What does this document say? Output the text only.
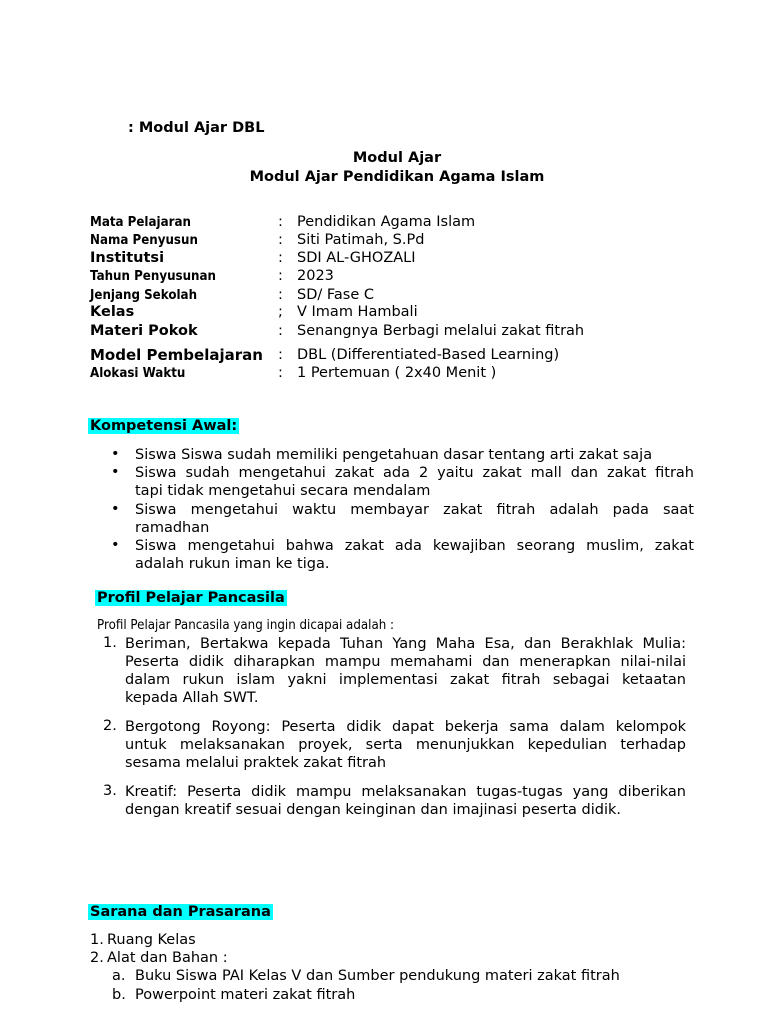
: Modul Ajar DBL
Modul Ajar
Modul Ajar Pendidikan Agama Islam
Mata Pelajaran	: Pendidikan Agama Islam
Nama Penyusun	: Siti Patimah, S.Pd
Institutsi	: SDI AL-GHOZALI
Tahun Penyusunan	: 2023
Jenjang Sekolah	: SD/ Fase C
Kelas	; V Imam Hambali
Materi Pokok	: Senangnya Berbagi melalui zakat fitrah
Model Pembelajaran : DBL (Differentiated-Based Learning)
Alokasi Waktu	: 1 Pertemuan ( 2x40 Menit )
Kompetensi Awal:
• Siswa Siswa sudah memiliki pengetahuan dasar tentang arti zakat saja
• Siswa sudah mengetahui zakat ada 2 yaitu zakat mall dan zakat fitrah
tapi tidak mengetahui secara mendalam
• Siswa mengetahui waktu membayar zakat fitrah adalah pada saat
ramadhan
• Siswa mengetahui bahwa zakat ada kewajiban seorang muslim, zakat
adalah rukun iman ke tiga.
Profil Pelajar Pancasila
Profil Pelajar Pancasila yang ingin dicapai adalah :
1. Beriman, Bertakwa kepada Tuhan Yang Maha Esa, dan Berakhlak Mulia:
Peserta didik diharapkan mampu memahami dan menerapkan nilai-nilai
dalam rukun islam yakni implementasi zakat fitrah sebagai ketaatan
kepada Allah SWT.
2. Bergotong Royong: Peserta didik dapat bekerja sama dalam kelompok
untuk melaksanakan proyek, serta menunjukkan kepedulian terhadap
sesama melalui praktek zakat fitrah
3. Kreatif: Peserta didik mampu melaksanakan tugas-tugas yang diberikan
dengan kreatif sesuai dengan keinginan dan imajinasi peserta didik.
Sarana dan Prasarana
1. Ruang Kelas
2. Alat dan Bahan :
a. Buku Siswa PAI Kelas V dan Sumber pendukung materi zakat fitrah
b. Powerpoint materi zakat fitrah
